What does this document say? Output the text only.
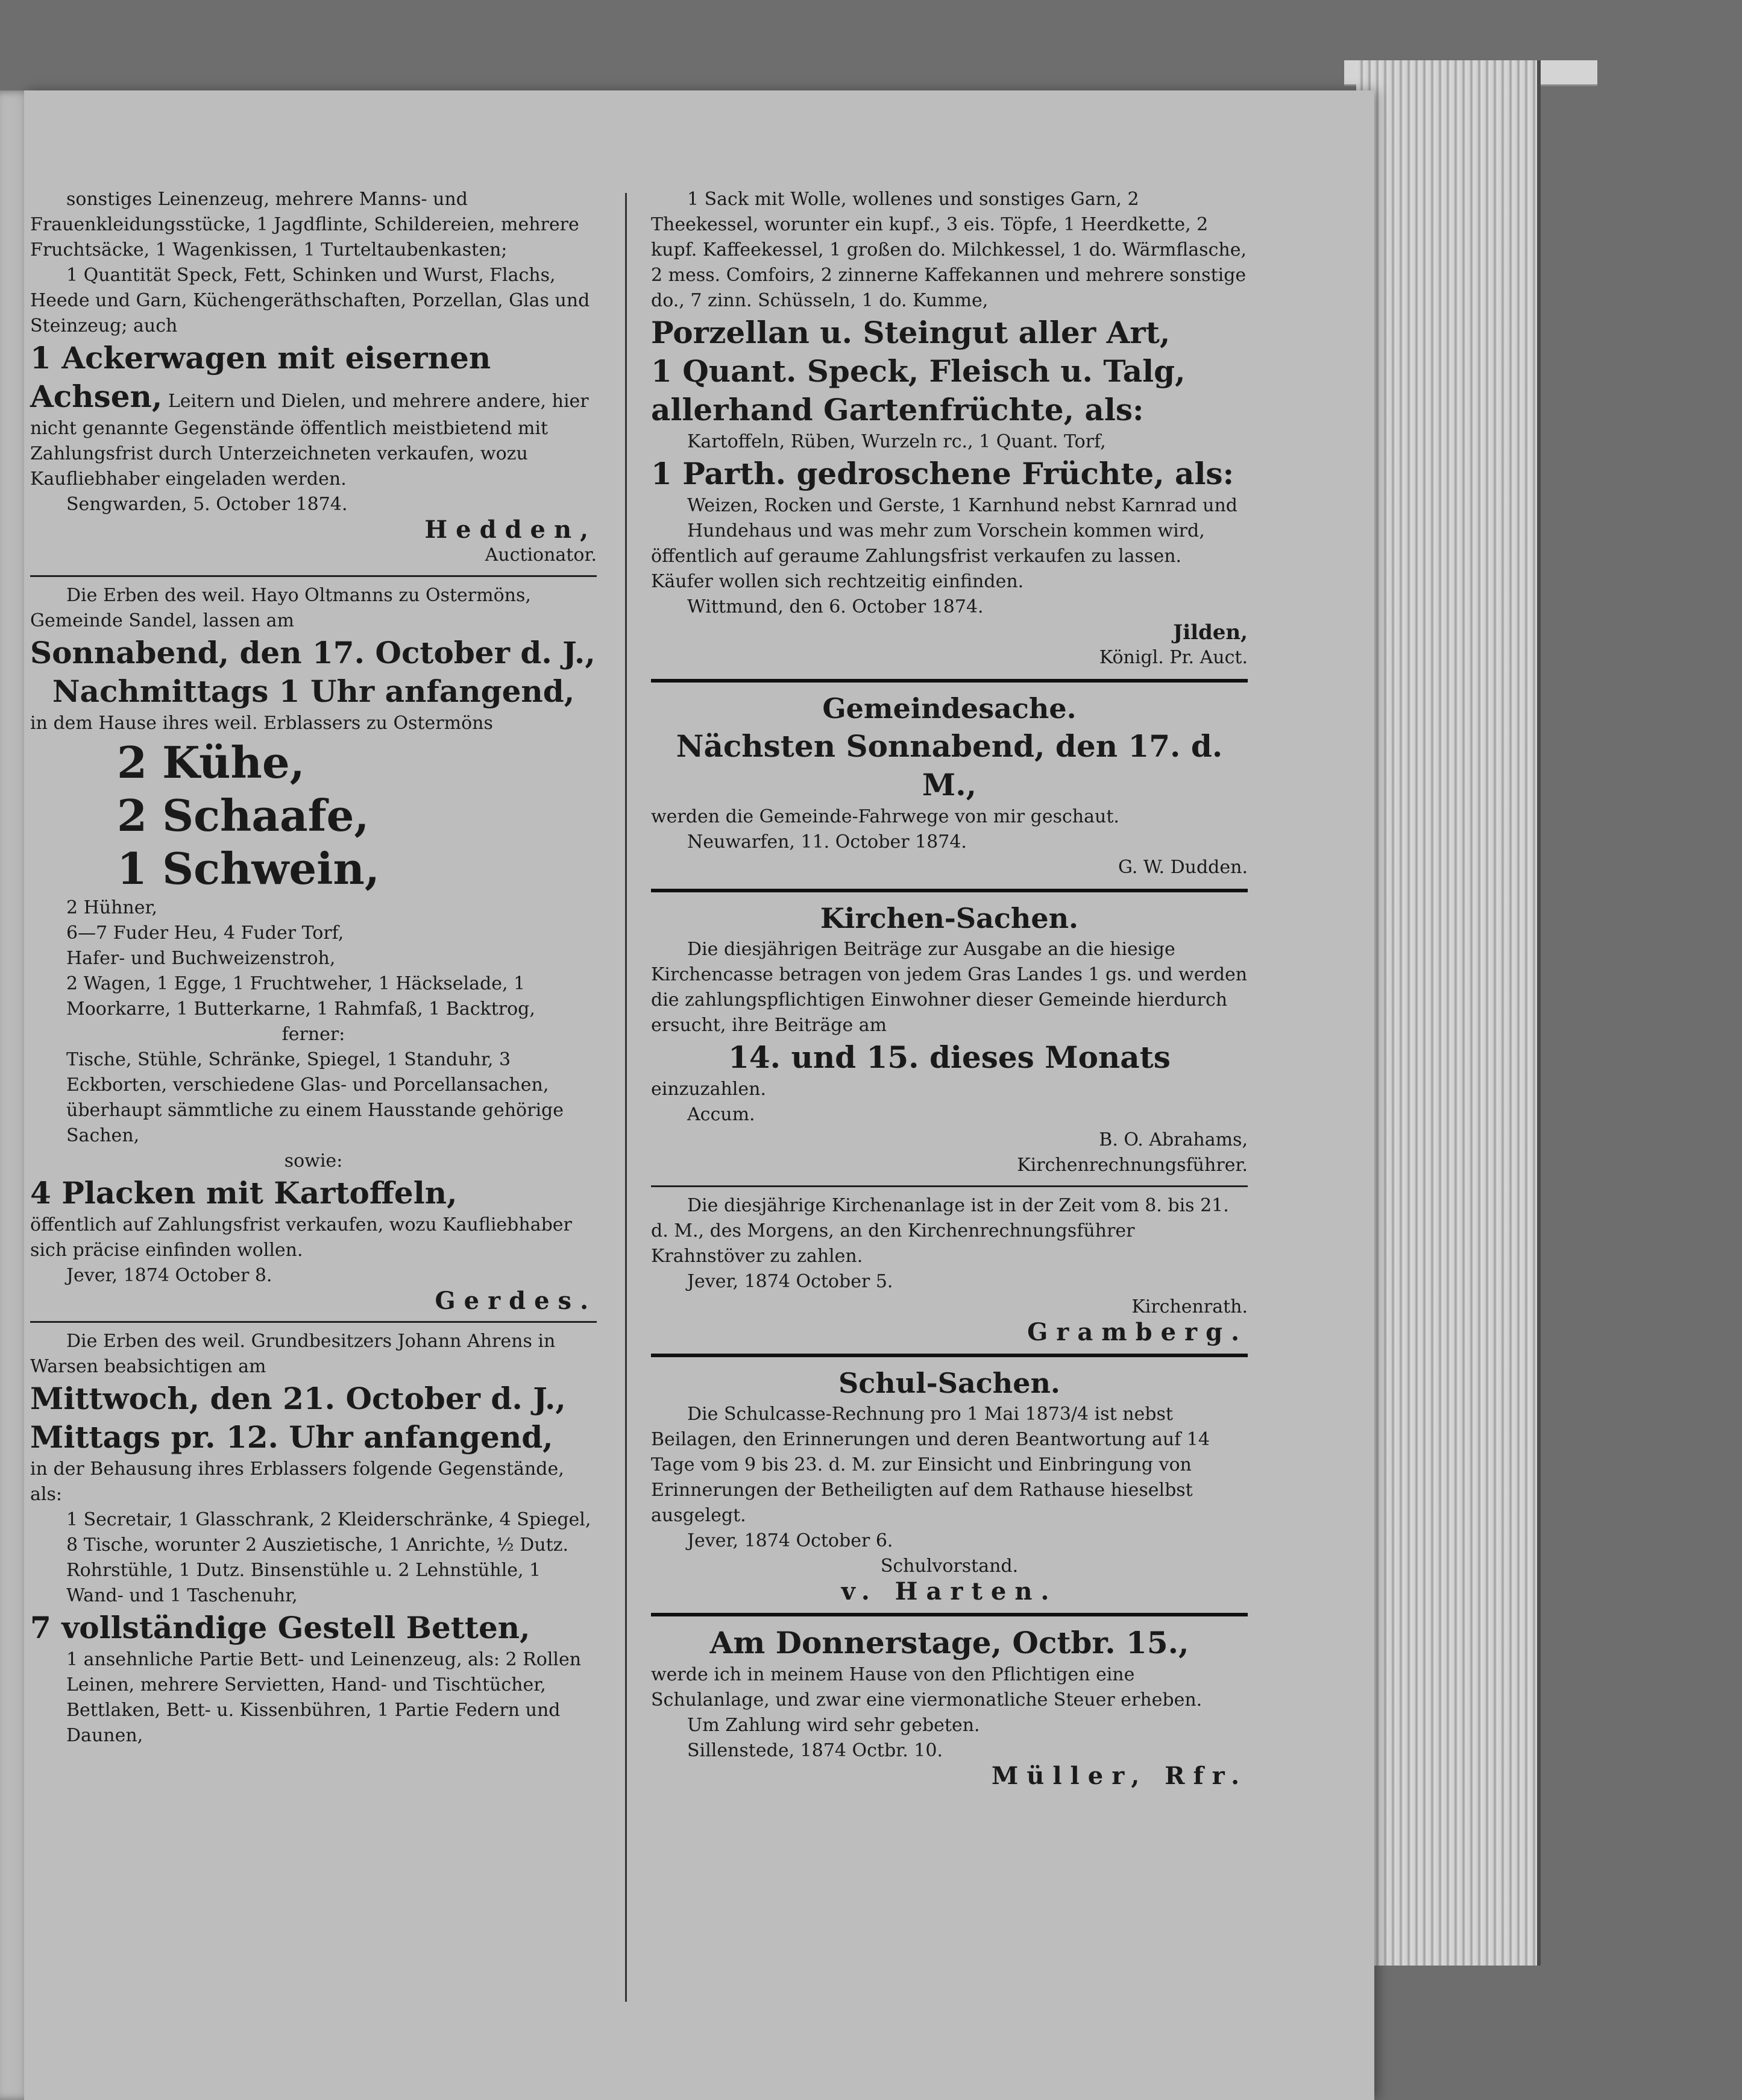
sonstiges Leinenzeug, mehrere Manns- und Frauenkleidungsstücke, 1 Jagdflinte, Schildereien, mehrere Fruchtsäcke, 1 Wagenkissen, 1 Turteltaubenkasten;

1 Quantität Speck, Fett, Schinken und Wurst, Flachs, Heede und Garn, Küchengeräthschaften, Porzellan, Glas und Steinzeug; auch

1 Ackerwagen mit eisernen

Achsen, Leitern und Dielen, und mehrere andere, hier nicht genannte Gegenstände öffentlich meistbietend mit Zahlungsfrist durch Unterzeichneten verkaufen, wozu Kaufliebhaber eingeladen werden.

Sengwarden, 5. October 1874.

Hedden,

Auctionator.

Die Erben des weil. Hayo Oltmanns zu Ostermöns, Gemeinde Sandel, lassen am

Sonnabend, den 17. October d. J.,

Nachmittags 1 Uhr anfangend,

in dem Hause ihres weil. Erblassers zu Ostermöns

2 Kühe,

2 Schaafe,

1 Schwein,

2 Hühner,

6—7 Fuder Heu, 4 Fuder Torf,

Hafer- und Buchweizenstroh,

2 Wagen, 1 Egge, 1 Fruchtweher, 1 Häckselade, 1 Moorkarre, 1 Butterkarne, 1 Rahmfaß, 1 Backtrog,

ferner:

Tische, Stühle, Schränke, Spiegel, 1 Standuhr, 3 Eckborten, verschiedene Glas- und Porcellansachen, überhaupt sämmtliche zu einem Hausstande gehörige Sachen,

sowie:

4 Placken mit Kartoffeln,

öffentlich auf Zahlungsfrist verkaufen, wozu Kaufliebhaber sich präcise einfinden wollen.

Jever, 1874 October 8.

Gerdes.

Die Erben des weil. Grundbesitzers Johann Ahrens in Warsen beabsichtigen am

Mittwoch, den 21. October d. J.,

Mittags pr. 12. Uhr anfangend,

in der Behausung ihres Erblassers folgende Gegenstände, als:

1 Secretair, 1 Glasschrank, 2 Kleiderschränke, 4 Spiegel, 8 Tische, worunter 2 Auszietische, 1 Anrichte, ½ Dutz. Rohrstühle, 1 Dutz. Binsenstühle u. 2 Lehnstühle, 1 Wand- und 1 Taschenuhr,

7 vollständige Gestell Betten,

1 ansehnliche Partie Bett- und Leinenzeug, als: 2 Rollen Leinen, mehrere Servietten, Hand- und Tischtücher, Bettlaken, Bett- u. Kissenbühren, 1 Partie Federn und Daunen,

1 Sack mit Wolle, wollenes und sonstiges Garn, 2 Theekessel, worunter ein kupf., 3 eis. Töpfe, 1 Heerdkette, 2 kupf. Kaffeekessel, 1 großen do. Milchkessel, 1 do. Wärmflasche, 2 mess. Comfoirs, 2 zinnerne Kaffekannen und mehrere sonstige do., 7 zinn. Schüsseln, 1 do. Kumme,

Porzellan u. Steingut aller Art,

1 Quant. Speck, Fleisch u. Talg,

allerhand Gartenfrüchte, als:

Kartoffeln, Rüben, Wurzeln rc., 1 Quant. Torf,

1 Parth. gedroschene Früchte, als:

Weizen, Rocken und Gerste, 1 Karnhund nebst Karnrad und Hundehaus und was mehr zum Vorschein kommen wird,

öffentlich auf geraume Zahlungsfrist verkaufen zu lassen. Käufer wollen sich rechtzeitig einfinden.

Wittmund, den 6. October 1874.

Jilden,

Königl. Pr. Auct.

Gemeindesache.

Nächsten Sonnabend, den 17. d. M.,

werden die Gemeinde-Fahrwege von mir geschaut.

Neuwarfen, 11. October 1874.

G. W. Dudden.

Kirchen-Sachen.

Die diesjährigen Beiträge zur Ausgabe an die hiesige Kirchencasse betragen von jedem Gras Landes 1 gs. und werden die zahlungspflichtigen Einwohner dieser Gemeinde hierdurch ersucht, ihre Beiträge am

14. und 15. dieses Monats

einzuzahlen.

Accum.

B. O. Abrahams,

Kirchenrechnungsführer.

Die diesjährige Kirchenanlage ist in der Zeit vom 8. bis 21. d. M., des Morgens, an den Kirchenrechnungsführer Krahnstöver zu zahlen.

Jever, 1874 October 5.

Kirchenrath.

Gramberg.

Schul-Sachen.

Die Schulcasse-Rechnung pro 1 Mai 1873/4 ist nebst Beilagen, den Erinnerungen und deren Beantwortung auf 14 Tage vom 9 bis 23. d. M. zur Einsicht und Einbringung von Erinnerungen der Betheiligten auf dem Rathause hieselbst ausgelegt.

Jever, 1874 October 6.

Schulvorstand.

v. Harten.

Am Donnerstage, Octbr. 15.,

werde ich in meinem Hause von den Pflichtigen eine Schulanlage, und zwar eine viermonatliche Steuer erheben.

Um Zahlung wird sehr gebeten.

Sillenstede, 1874 Octbr. 10.

Müller, Rfr.
